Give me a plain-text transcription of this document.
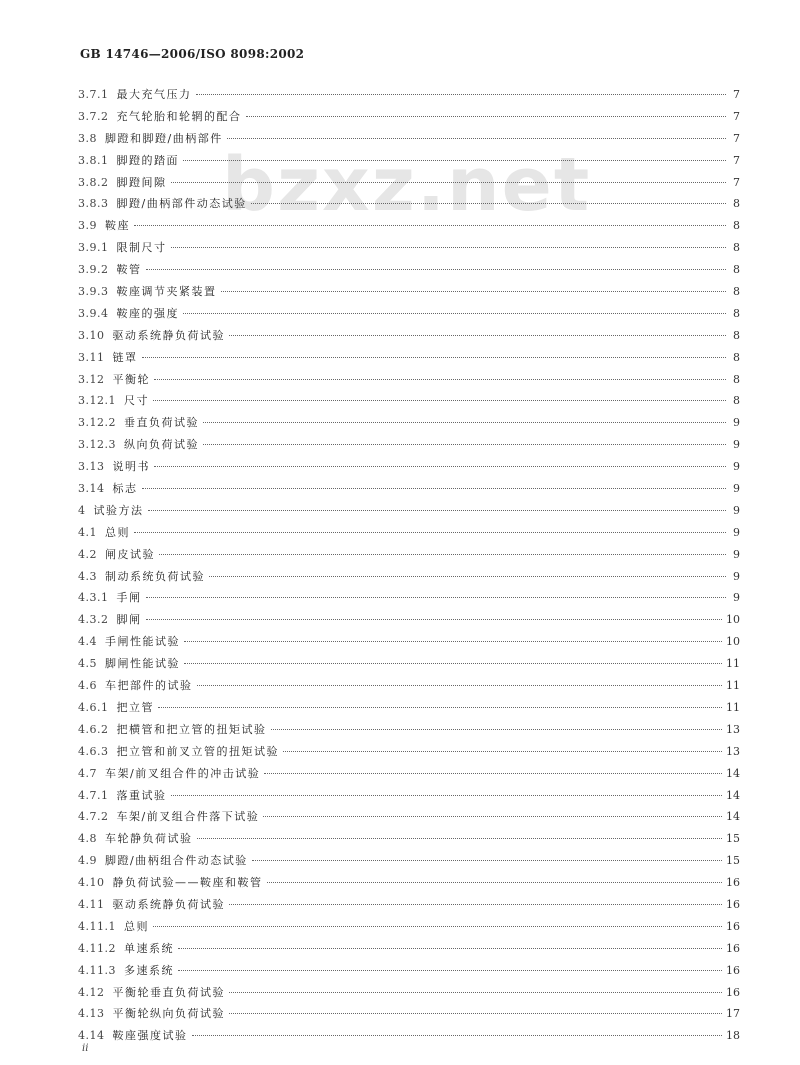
bzxz.net
GB 14746—2006/ISO 8098:2002
3.7.1 最大充气压力	7
3.7.2 充气轮胎和轮辋的配合	7
3.8 脚蹬和脚蹬/曲柄部件	7
3.8.1 脚蹬的踏面	7
3.8.2 脚蹬间隙	7
3.8.3 脚蹬/曲柄部件动态试验	8
3.9 鞍座	8
3.9.1 限制尺寸	8
3.9.2 鞍管	8
3.9.3 鞍座调节夹紧装置	8
3.9.4 鞍座的强度	8
3.10 驱动系统静负荷试验	8
3.11 链罩	8
3.12 平衡轮	8
3.12.1 尺寸	8
3.12.2 垂直负荷试验	9
3.12.3 纵向负荷试验	9
3.13 说明书	9
3.14 标志	9
4 试验方法	9
4.1 总则	9
4.2 闸皮试验	9
4.3 制动系统负荷试验	9
4.3.1 手闸	9
4.3.2 脚闸	10
4.4 手闸性能试验	10
4.5 脚闸性能试验	11
4.6 车把部件的试验	11
4.6.1 把立管	11
4.6.2 把横管和把立管的扭矩试验	13
4.6.3 把立管和前叉立管的扭矩试验	13
4.7 车架/前叉组合件的冲击试验	14
4.7.1 落重试验	14
4.7.2 车架/前叉组合件落下试验	14
4.8 车轮静负荷试验	15
4.9 脚蹬/曲柄组合件动态试验	15
4.10 静负荷试验——鞍座和鞍管	16
4.11 驱动系统静负荷试验	16
4.11.1 总则	16
4.11.2 单速系统	16
4.11.3 多速系统	16
4.12 平衡轮垂直负荷试验	16
4.13 平衡轮纵向负荷试验	17
4.14 鞍座强度试验	18
ii
